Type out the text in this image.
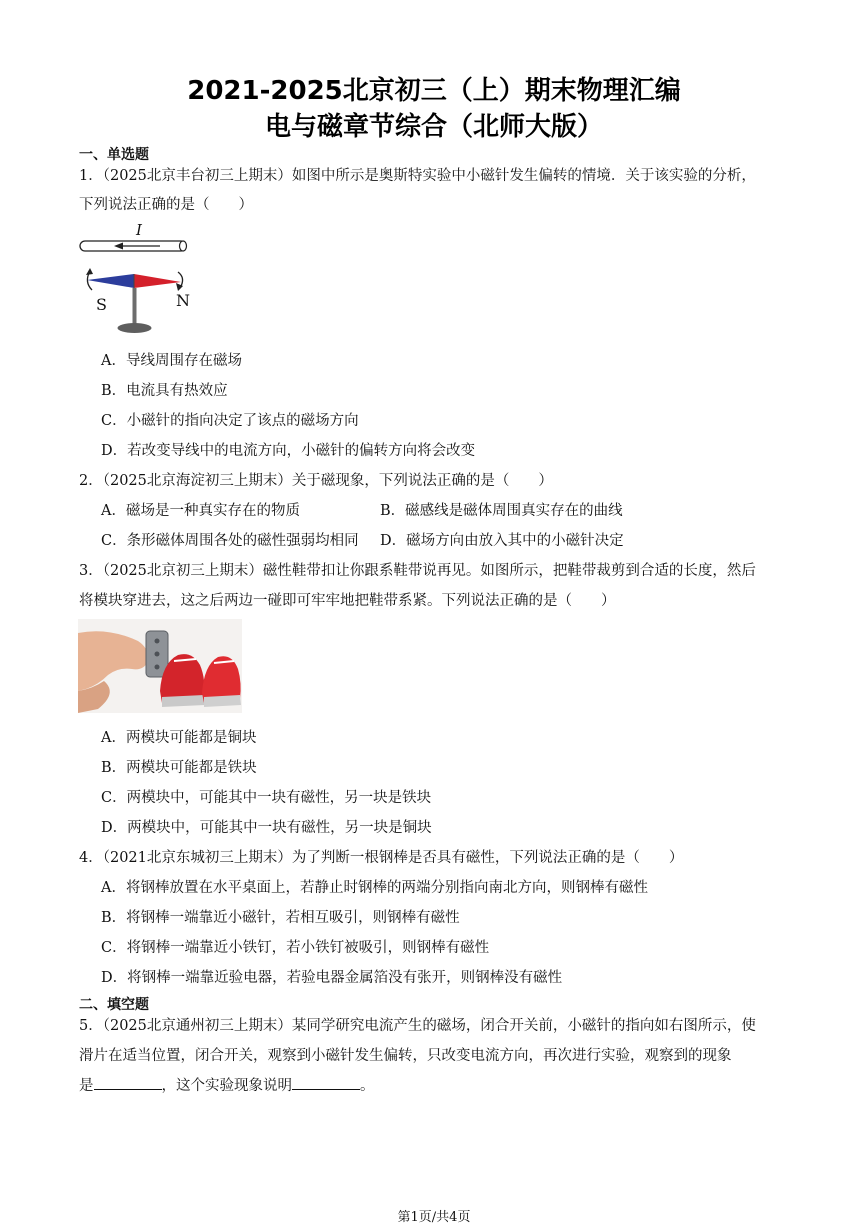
2021-2025北京初三（上）期末物理汇编
电与磁章节综合（北师大版）
一、单选题
1．（2025北京丰台初三上期末）如图中所示是奥斯特实验中小磁针发生偏转的情境．关于该实验的分析，
下列说法正确的是（　　）
I
S	N
A．导线周围存在磁场
B．电流具有热效应
C．小磁针的指向决定了该点的磁场方向
D．若改变导线中的电流方向，小磁针的偏转方向将会改变
2．（2025北京海淀初三上期末）关于磁现象，下列说法正确的是（　　）
A．磁场是一种真实存在的物质	B．磁感线是磁体周围真实存在的曲线
C．条形磁体周围各处的磁性强弱均相同 D．磁场方向由放入其中的小磁针决定
3．（2025北京初三上期末）磁性鞋带扣让你跟系鞋带说再见。如图所示，把鞋带裁剪到合适的长度，然后
将模块穿进去，这之后两边一碰即可牢牢地把鞋带系紧。下列说法正确的是（　　）
A．两模块可能都是铜块
B．两模块可能都是铁块
C．两模块中，可能其中一块有磁性，另一块是铁块
D．两模块中，可能其中一块有磁性，另一块是铜块
4．（2021北京东城初三上期末）为了判断一根钢棒是否具有磁性，下列说法正确的是（　　）
A．将钢棒放置在水平桌面上，若静止时钢棒的两端分别指向南北方向，则钢棒有磁性
B．将钢棒一端靠近小磁针，若相互吸引，则钢棒有磁性
C．将钢棒一端靠近小铁钉，若小铁钉被吸引，则钢棒有磁性
D．将钢棒一端靠近验电器，若验电器金属箔没有张开，则钢棒没有磁性
二、填空题
5．（2025北京通州初三上期末）某同学研究电流产生的磁场，闭合开关前，小磁针的指向如右图所示，使
滑片在适当位置，闭合开关，观察到小磁针发生偏转，只改变电流方向，再次进行实验，观察到的现象
是	，这个实验现象说明	。
第1页/共4页
